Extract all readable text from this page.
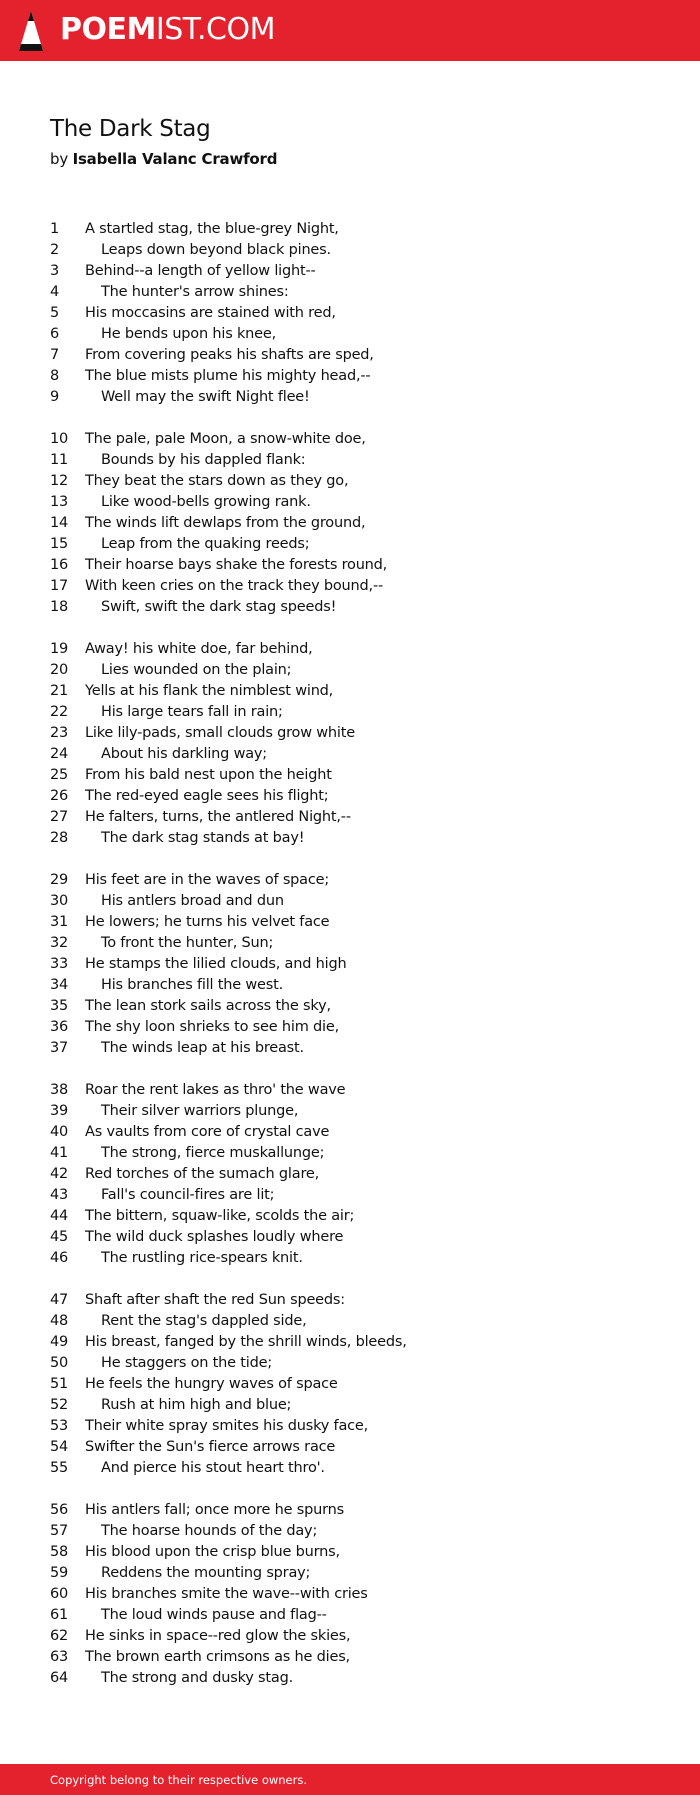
POEMIST.COM
The Dark Stag
by Isabella Valanc Crawford
1 A startled stag, the blue-grey Night,
2	Leaps down beyond black pines.
3 Behind--a length of yellow light--
4	The hunter's arrow shines:
5 His moccasins are stained with red,
6	He bends upon his knee,
7 From covering peaks his shafts are sped,
8 The blue mists plume his mighty head,--
9	Well may the swift Night flee!
10 The pale, pale Moon, a snow-white doe,
11 Bounds by his dappled flank:
12 They beat the stars down as they go,
13 Like wood-bells growing rank.
14 The winds lift dewlaps from the ground,
15 Leap from the quaking reeds;
16 Their hoarse bays shake the forests round,
17 With keen cries on the track they bound,--
18 Swift, swift the dark stag speeds!
19 Away! his white doe, far behind,
20 Lies wounded on the plain;
21 Yells at his flank the nimblest wind,
22 His large tears fall in rain;
23 Like lily-pads, small clouds grow white
24 About his darkling way;
25 From his bald nest upon the height
26 The red-eyed eagle sees his flight;
27 He falters, turns, the antlered Night,--
28 The dark stag stands at bay!
29 His feet are in the waves of space;
30 His antlers broad and dun
31 He lowers; he turns his velvet face
32 To front the hunter, Sun;
33 He stamps the lilied clouds, and high
34 His branches fill the west.
35 The lean stork sails across the sky,
36 The shy loon shrieks to see him die,
37 The winds leap at his breast.
38 Roar the rent lakes as thro' the wave
39 Their silver warriors plunge,
40 As vaults from core of crystal cave
41 The strong, fierce muskallunge;
42 Red torches of the sumach glare,
43 Fall's council-fires are lit;
44 The bittern, squaw-like, scolds the air;
45 The wild duck splashes loudly where
46 The rustling rice-spears knit.
47 Shaft after shaft the red Sun speeds:
48 Rent the stag's dappled side,
49 His breast, fanged by the shrill winds, bleeds,
50 He staggers on the tide;
51 He feels the hungry waves of space
52 Rush at him high and blue;
53 Their white spray smites his dusky face,
54 Swifter the Sun's fierce arrows race
55 And pierce his stout heart thro'.
56 His antlers fall; once more he spurns
57 The hoarse hounds of the day;
58 His blood upon the crisp blue burns,
59 Reddens the mounting spray;
60 His branches smite the wave--with cries
61 The loud winds pause and flag--
62 He sinks in space--red glow the skies,
63 The brown earth crimsons as he dies,
64 The strong and dusky stag.
Copyright belong to their respective owners.
